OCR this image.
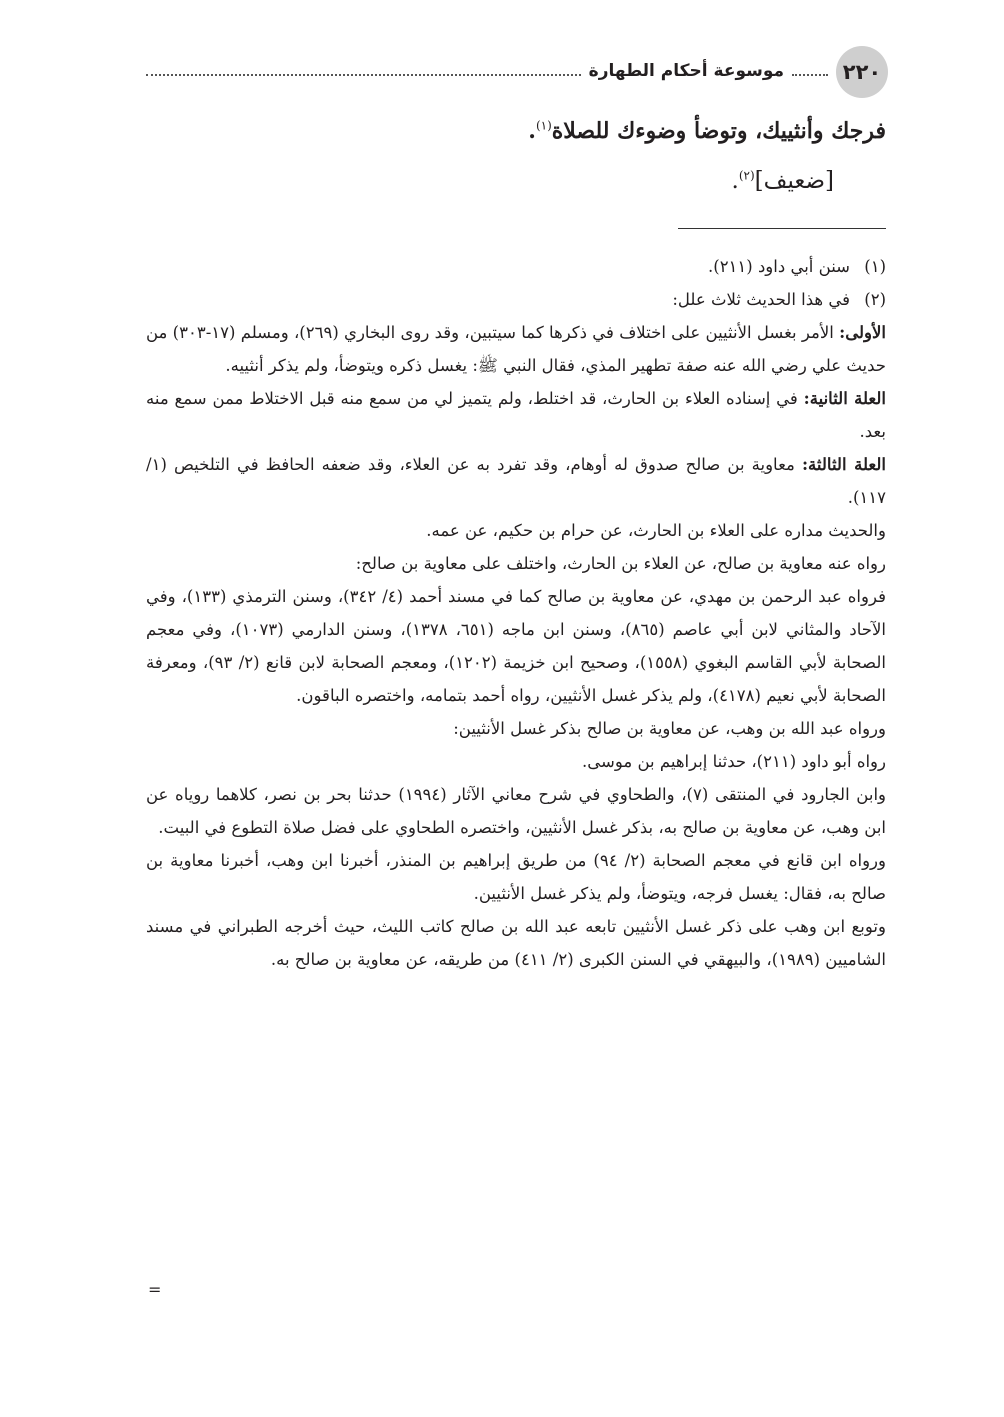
٢٢٠
موسوعة أحكام الطهارة

فرجك وأنثييك، وتوضأ وضوءك للصلاة$^{(١)}$.

[ضعيف]$^{(٢)}$.

(١)
سنن أبي داود (٢١١).
(٢)
في هذا الحديث ثلاث علل:

الأولى: الأمر بغسل الأنثيين على اختلاف في ذكرها كما سيتبين، وقد روى البخاري (٢٦٩)، ومسلم (١٧-٣٠٣) من حديث علي رضي الله عنه صفة تطهير المذي، فقال النبي ﷺ: يغسل ذكره ويتوضأ، ولم يذكر أنثييه.

العلة الثانية: في إسناده العلاء بن الحارث، قد اختلط، ولم يتميز لي من سمع منه قبل الاختلاط ممن سمع منه بعد.

العلة الثالثة: معاوية بن صالح صدوق له أوهام، وقد تفرد به عن العلاء، وقد ضعفه الحافظ في التلخيص (١/ ١١٧).

والحديث مداره على العلاء بن الحارث، عن حرام بن حكيم، عن عمه.

رواه عنه معاوية بن صالح، عن العلاء بن الحارث، واختلف على معاوية بن صالح:

فرواه عبد الرحمن بن مهدي، عن معاوية بن صالح كما في مسند أحمد (٤/ ٣٤٢)، وسنن الترمذي (١٣٣)، وفي الآحاد والمثاني لابن أبي عاصم (٨٦٥)، وسنن ابن ماجه (٦٥١، ١٣٧٨)، وسنن الدارمي (١٠٧٣)، وفي معجم الصحابة لأبي القاسم البغوي (١٥٥٨)، وصحيح ابن خزيمة (١٢٠٢)، ومعجم الصحابة لابن قانع (٢/ ٩٣)، ومعرفة الصحابة لأبي نعيم (٤١٧٨)، ولم يذكر غسل الأنثيين، رواه أحمد بتمامه، واختصره الباقون.

ورواه عبد الله بن وهب، عن معاوية بن صالح بذكر غسل الأنثيين:

رواه أبو داود (٢١١)، حدثنا إبراهيم بن موسى.

وابن الجارود في المنتقى (٧)، والطحاوي في شرح معاني الآثار (١٩٩٤) حدثنا بحر بن نصر، كلاهما روياه عن ابن وهب، عن معاوية بن صالح به، بذكر غسل الأنثيين، واختصره الطحاوي على فضل صلاة التطوع في البيت.

ورواه ابن قانع في معجم الصحابة (٢/ ٩٤) من طريق إبراهيم بن المنذر، أخبرنا ابن وهب، أخبرنا معاوية بن صالح به، فقال: يغسل فرجه، ويتوضأ، ولم يذكر غسل الأنثيين.

وتوبع ابن وهب على ذكر غسل الأنثيين تابعه عبد الله بن صالح كاتب الليث، حيث أخرجه الطبراني في مسند الشاميين (١٩٨٩)، والبيهقي في السنن الكبرى (٢/ ٤١١) من طريقه، عن معاوية بن صالح به.

=
